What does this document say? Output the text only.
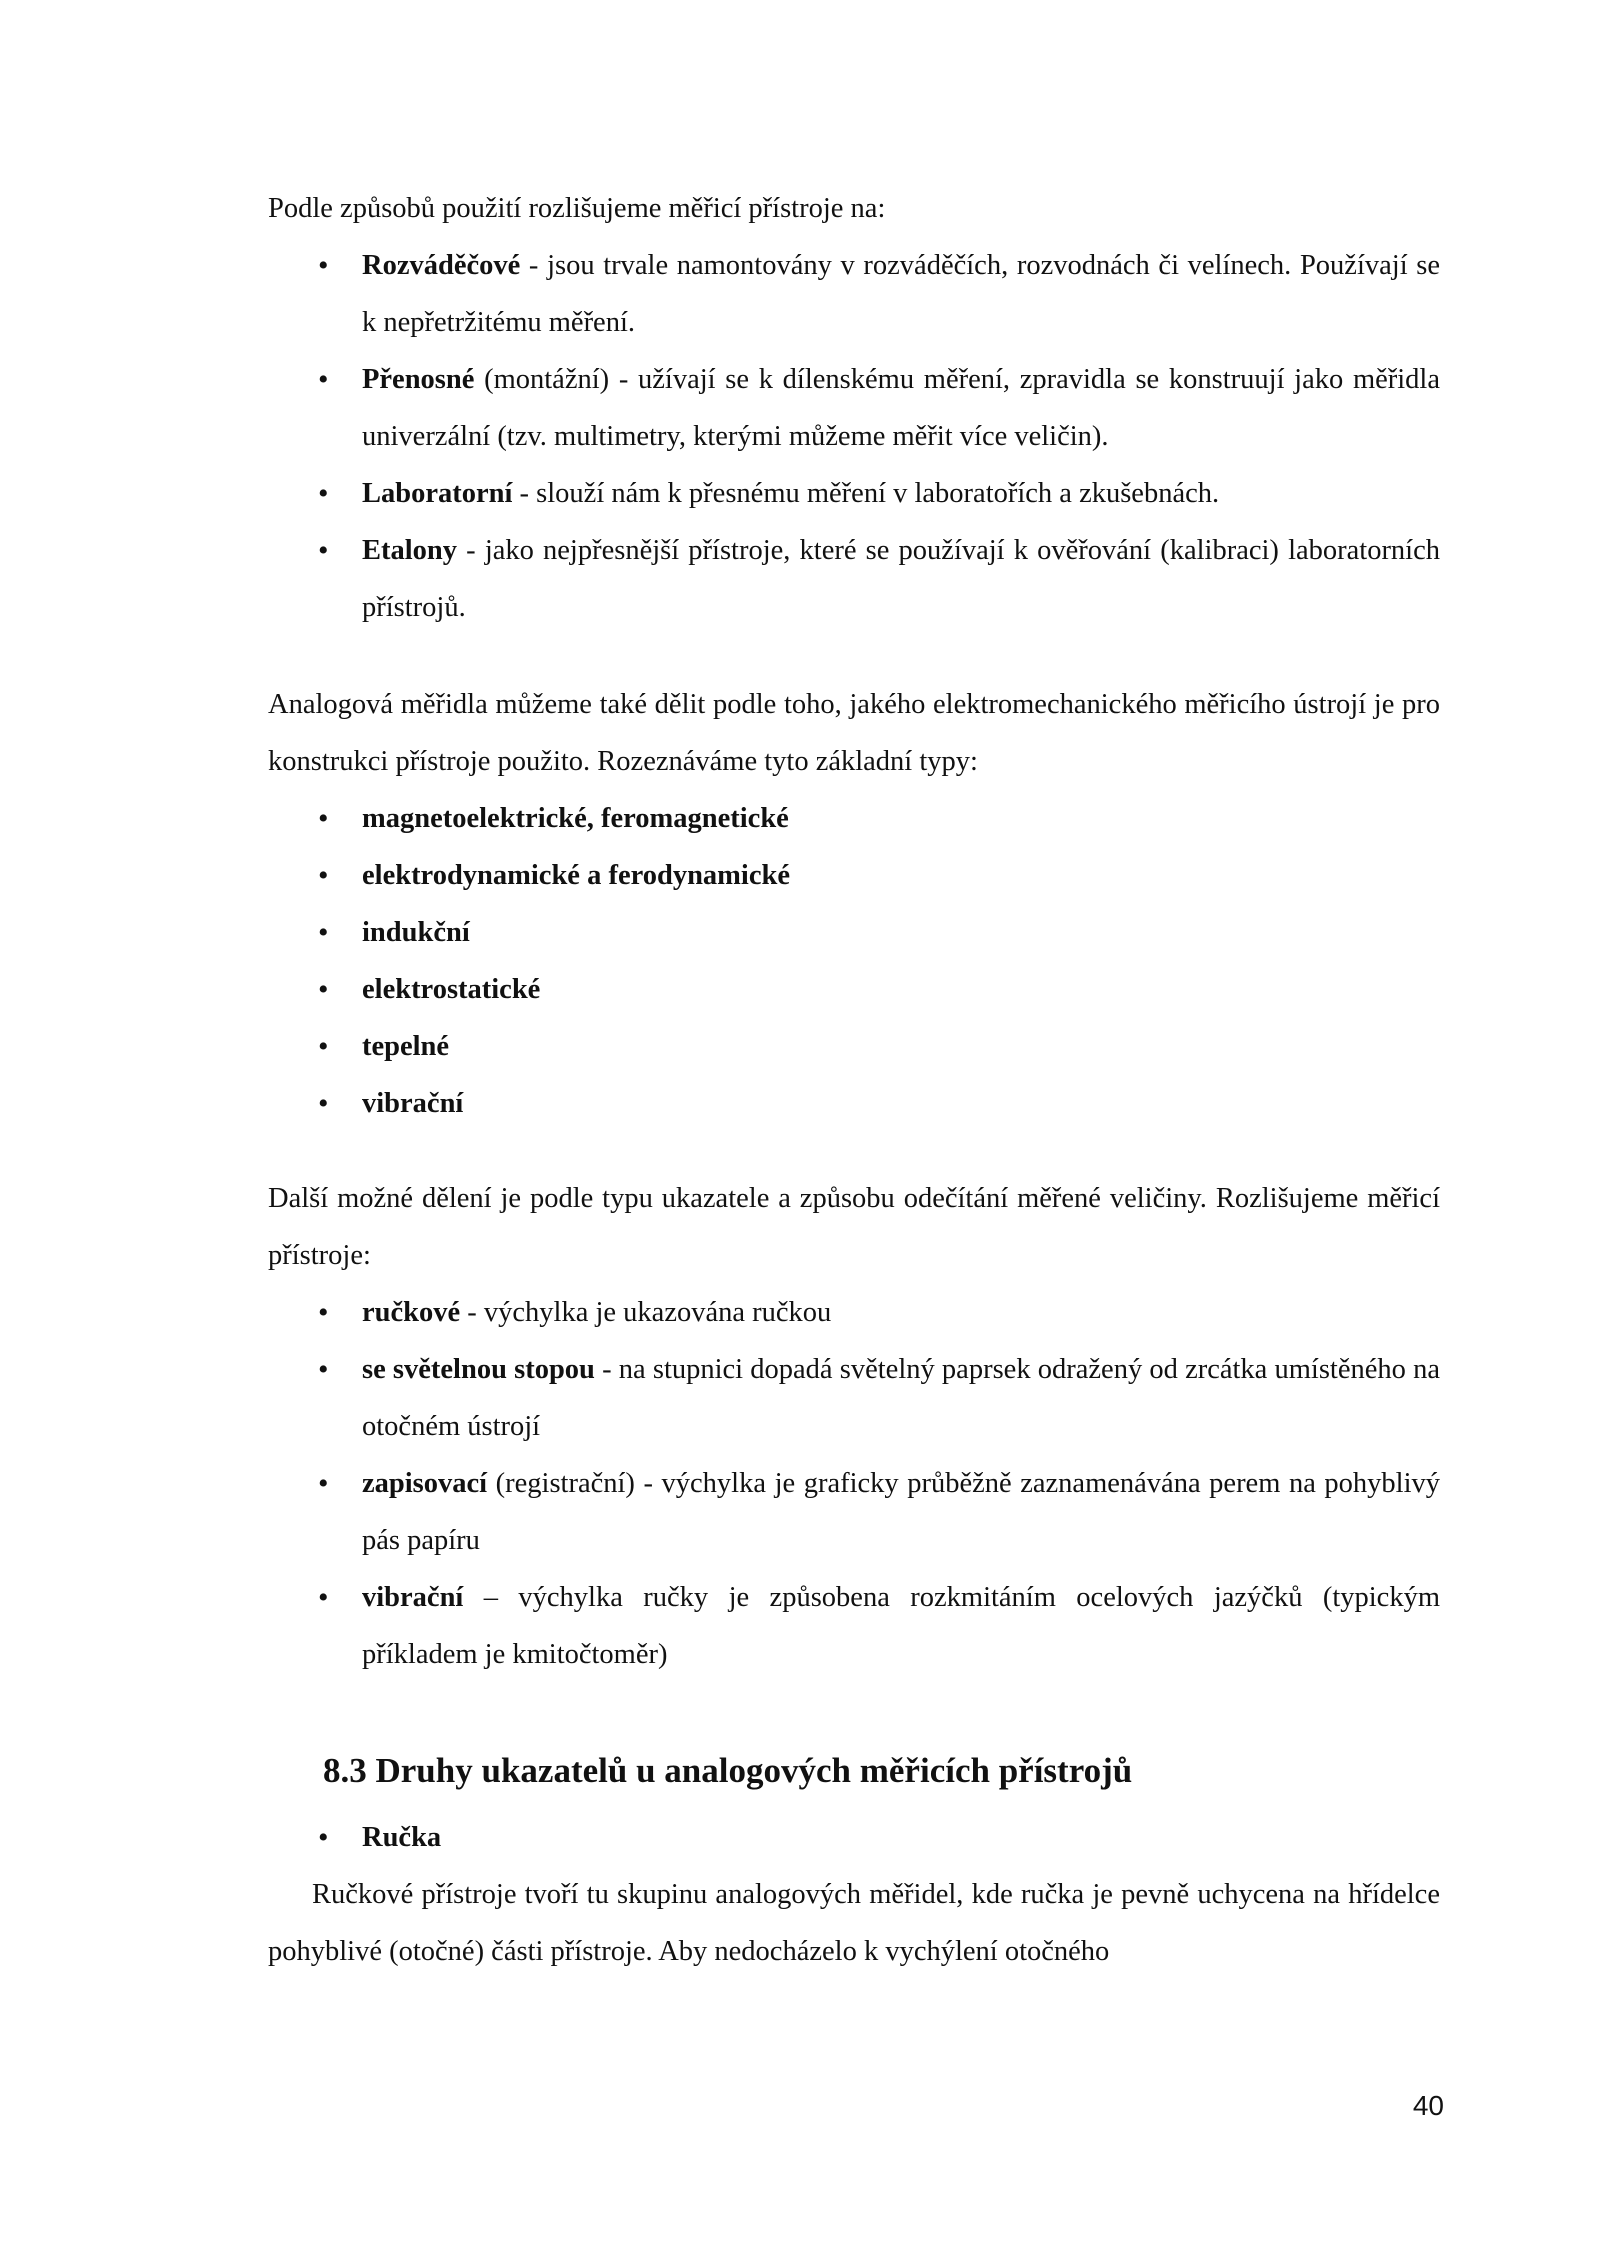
Podle způsobů použití rozlišujeme měřicí přístroje na:

• Rozváděčové - jsou trvale namontovány v rozváděčích, rozvodnách či velínech. Používají se k nepřetržitému měření.
• Přenosné (montážní) - užívají se k dílenskému měření, zpravidla se konstruují jako měřidla univerzální (tzv. multimetry, kterými můžeme měřit více veličin).
• Laboratorní - slouží nám k přesnému měření v laboratořích a zkušebnách.
• Etalony - jako nejpřesnější přístroje, které se používají k ověřování (kalibraci) laboratorních přístrojů.

Analogová měřidla můžeme také dělit podle toho, jakého elektromechanického měřicího ústrojí je pro konstrukci přístroje použito. Rozeznáváme tyto základní typy:

• magnetoelektrické, feromagnetické
• elektrodynamické a ferodynamické
• indukční
• elektrostatické
• tepelné
• vibrační

Další možné dělení je podle typu ukazatele a způsobu odečítání měřené veličiny. Rozlišujeme měřicí přístroje:

• ručkové - výchylka je ukazována ručkou
• se světelnou stopou - na stupnici dopadá světelný paprsek odražený od zrcátka umístěného na otočném ústrojí
• zapisovací (registrační) - výchylka je graficky průběžně zaznamenávána perem na pohyblivý pás papíru
• vibrační – výchylka ručky je způsobena rozkmitáním ocelových jazýčků (typickým příkladem je kmitočtoměr)
8.3 Druhy ukazatelů u analogových měřicích přístrojů
• Ručka

Ručkové přístroje tvoří tu skupinu analogových měřidel, kde ručka je pevně uchycena na hřídelce pohyblivé (otočné) části přístroje. Aby nedocházelo k vychýlení otočného

40
